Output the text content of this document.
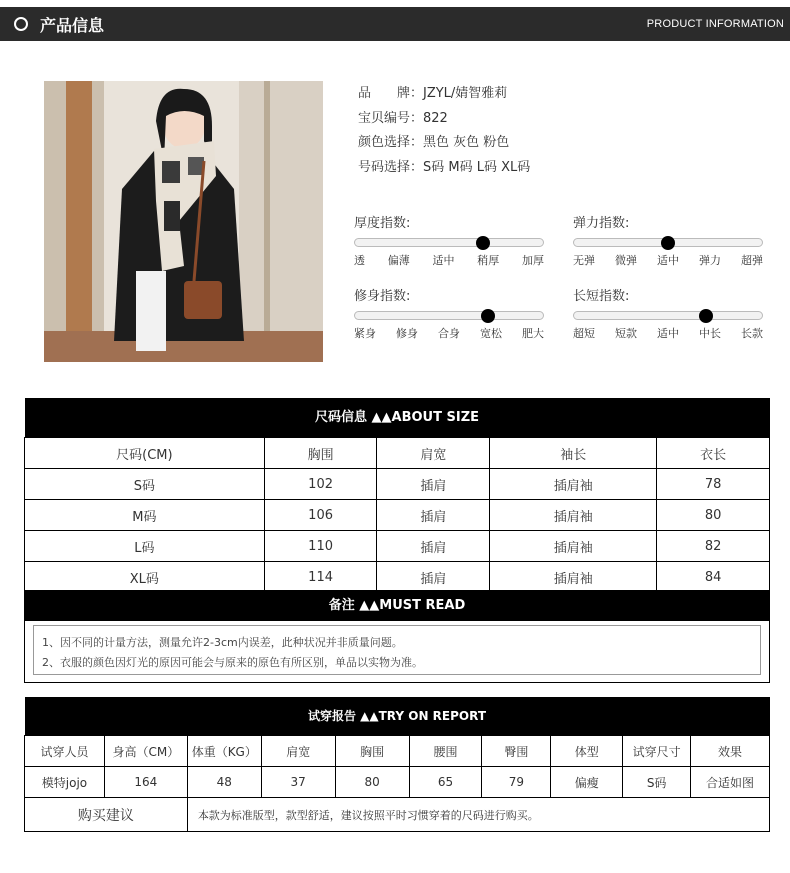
产品信息	PRODUCT INFORMATION
品　　牌：JZYL/婧智雅莉
宝贝编号：822
颜色选择：黑色 灰色 粉色
号码选择：S码 M码 L码 XL码
厚度指数:
透 偏薄 适中 稍厚 加厚
弹力指数:
无弹 微弹 适中 弹力 超弹
修身指数:
紧身 修身 合身 宽松 肥大
长短指数:
超短 短款 适中 中长 长款
尺码信息 ▲▲ABOUT SIZE				
尺码(CM)	胸围	肩宽	袖长	衣长
S码	102	插肩	插肩袖	78
M码	106	插肩	插肩袖	80
L码	110	插肩	插肩袖	82
XL码	114	插肩	插肩袖	84
备注 ▲▲MUST READ
1、因不同的计量方法，测量允许2-3cm内误差，此种状况并非质量问题。
2、衣服的颜色因灯光的原因可能会与原来的原色有所区别，单品以实物为准。
试穿报告 ▲▲TRY ON REPORT									
试穿人员	身高（CM）	体重（KG）	肩宽	胸围	腰围	臀围	体型	试穿尺寸	效果
模特jojo	164	48	37	80	65	79	偏瘦	S码	合适如图
购买建议		本款为标准版型，款型舒适，建议按照平时习惯穿着的尺码进行购买。							
